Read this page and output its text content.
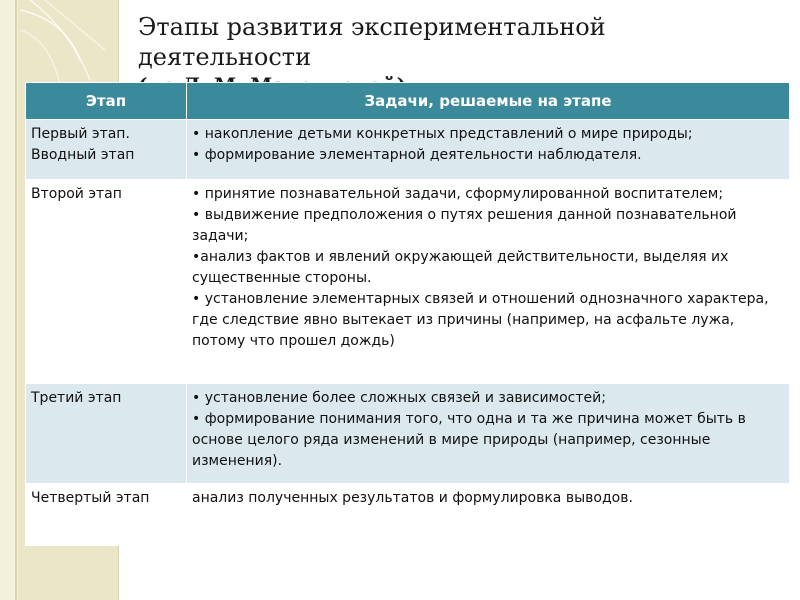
Этапы развития экспериментальной деятельности
Этап	Задачи, решаемые на этапе

Первый этап.
Вводный этап	• накопление детьми конкретных представлений о мире природы;
• формирование элементарной деятельности наблюдателя.

Второй этап	• принятие познавательной задачи, сформулированной воспитателем;
• выдвижение предположения о путях решения данной познавательной задачи;
•анализ фактов и явлений окружающей действительности, выделяя их существенные стороны.
• установление элементарных связей и отношений однозначного характера, где следствие явно вытекает из причины (например, на асфальте лужа, потому что прошел дождь)

Третий этап	• установление более сложных связей и зависимостей;
• формирование понимания того, что одна и та же причина может быть в основе целого ряда изменений в мире природы (например, сезонные изменения).

Четвертый этап	анализ полученных результатов и формулировка выводов.
